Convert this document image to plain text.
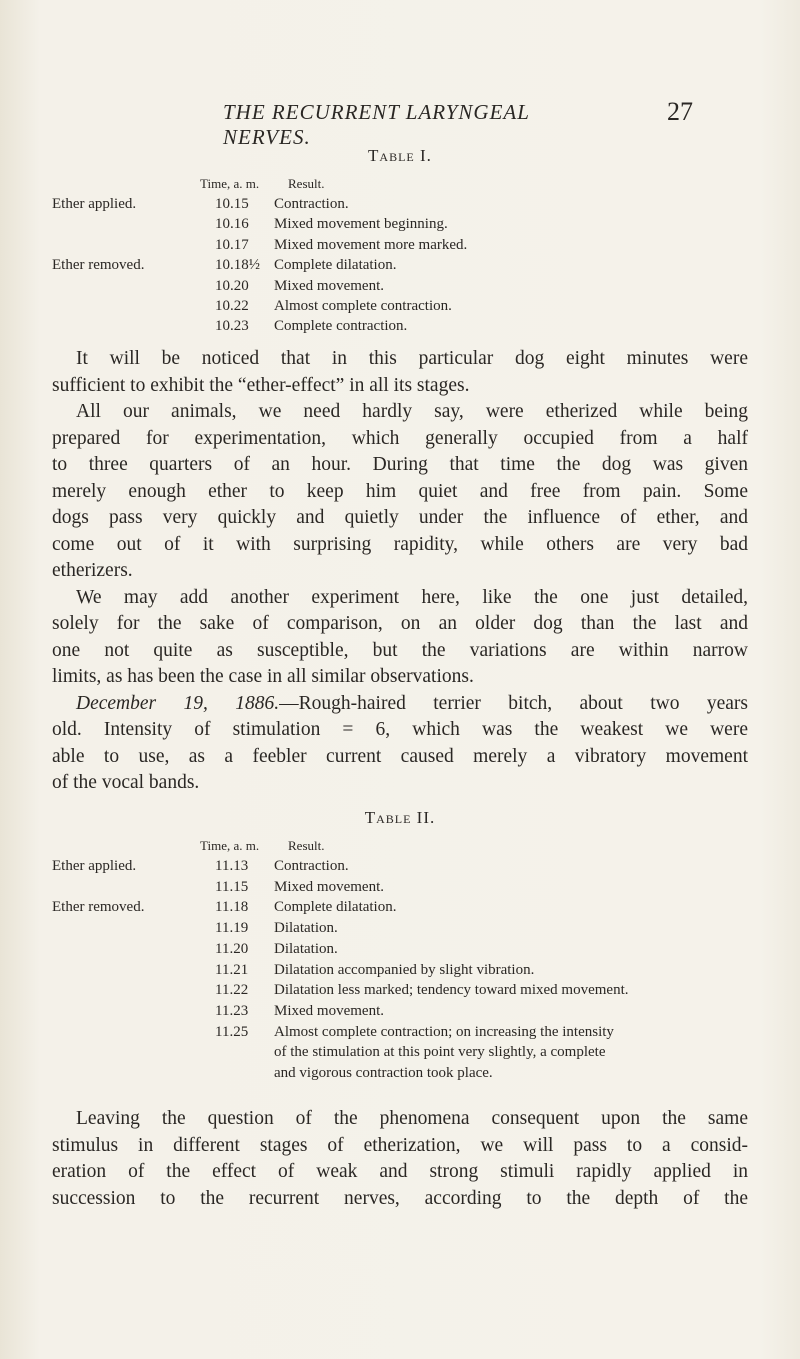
THE RECURRENT LARYNGEAL NERVES.
27
Table I.
Time, a. m. Result.
Ether applied.	10.15 Contraction.
10.16 Mixed movement beginning.
10.17 Mixed movement more marked.
Ether removed.	10.18½ Complete dilatation.
10.20 Mixed movement.
10.22 Almost complete contraction.
10.23 Complete contraction.
It will be noticed that in this particular dog eight minutes were
sufficient to exhibit the “ether-effect” in all its stages.
All our animals, we need hardly say, were etherized while being
prepared for experimentation, which generally occupied from a half
to three quarters of an hour. During that time the dog was given
merely enough ether to keep him quiet and free from pain. Some
dogs pass very quickly and quietly under the influence of ether, and
come out of it with surprising rapidity, while others are very bad
etherizers.
We may add another experiment here, like the one just detailed,
solely for the sake of comparison, on an older dog than the last and
one not quite as susceptible, but the variations are within narrow
limits, as has been the case in all similar observations.
December 19, 1886.—Rough-haired terrier bitch, about two years
old. Intensity of stimulation = 6, which was the weakest we were
able to use, as a feebler current caused merely a vibratory movement
of the vocal bands.
Table II.
Time, a. m. Result.
Ether applied.	11.13 Contraction.
11.15 Mixed movement.
Ether removed.	11.18 Complete dilatation.
11.19 Dilatation.
11.20 Dilatation.
11.21 Dilatation accompanied by slight vibration.
11.22 Dilatation less marked; tendency toward mixed movement.
11.23 Mixed movement.
11.25 Almost complete contraction; on increasing the intensity
of the stimulation at this point very slightly, a complete
and vigorous contraction took place.
Leaving the question of the phenomena consequent upon the same
stimulus in different stages of etherization, we will pass to a consid-
eration of the effect of weak and strong stimuli rapidly applied in
succession to the recurrent nerves, according to the depth of the
